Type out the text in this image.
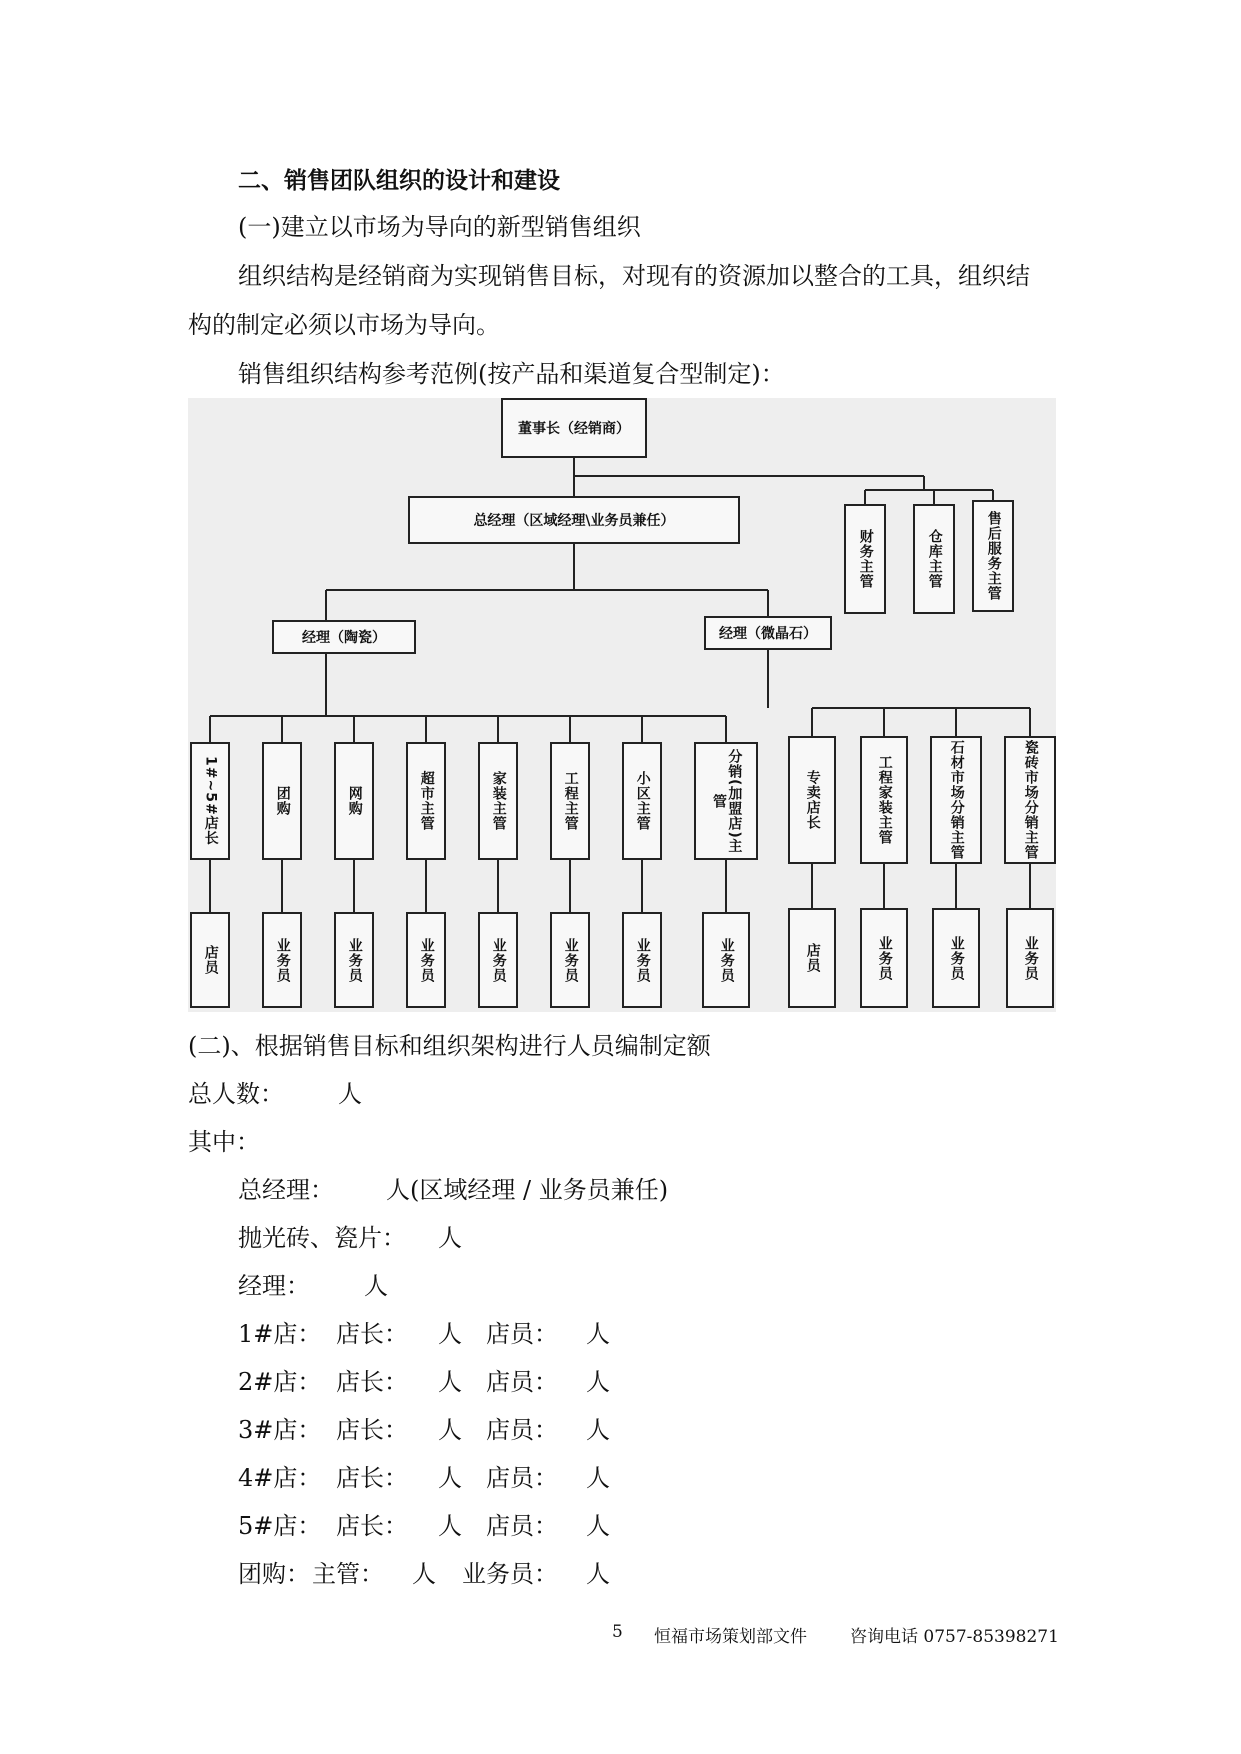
二、销售团队组织的设计和建设
(一)建立以市场为导向的新型销售组织
组织结构是经销商为实现销售目标，对现有的资源加以整合的工具，组织结
构的制定必须以市场为导向。
销售组织结构参考范例(按产品和渠道复合型制定)：
董事长（经销商）
总经理（区域经理\业务员兼任）
财务主管	仓库主管	售后服务主管
经理（陶瓷）	经理（微晶石）
1#~5#店长	团购	网购	超市主管	家装主管	工程主管	小区主管	分销(加盟店)主管	专卖店长	工程家装主管	石材市场分销主管	瓷砖市场分销主管
店员	业务员	业务员	业务员	业务员	业务员	业务员	业务员	店员	业务员	业务员	业务员
(二)、根据销售目标和组织架构进行人员编制定额
总人数： 人
其中：
总经理： 人(区域经理 / 业务员兼任)
抛光砖、瓷片： 人
经理： 人
1#店： 店长： 人 店员： 人
2#店： 店长： 人 店员： 人
3#店： 店长： 人 店员： 人
4#店： 店长： 人 店员： 人
5#店： 店长： 人 店员： 人
团购： 主管： 人 业务员： 人
5 恒福市场策划部文件	咨询电话 0757-85398271
